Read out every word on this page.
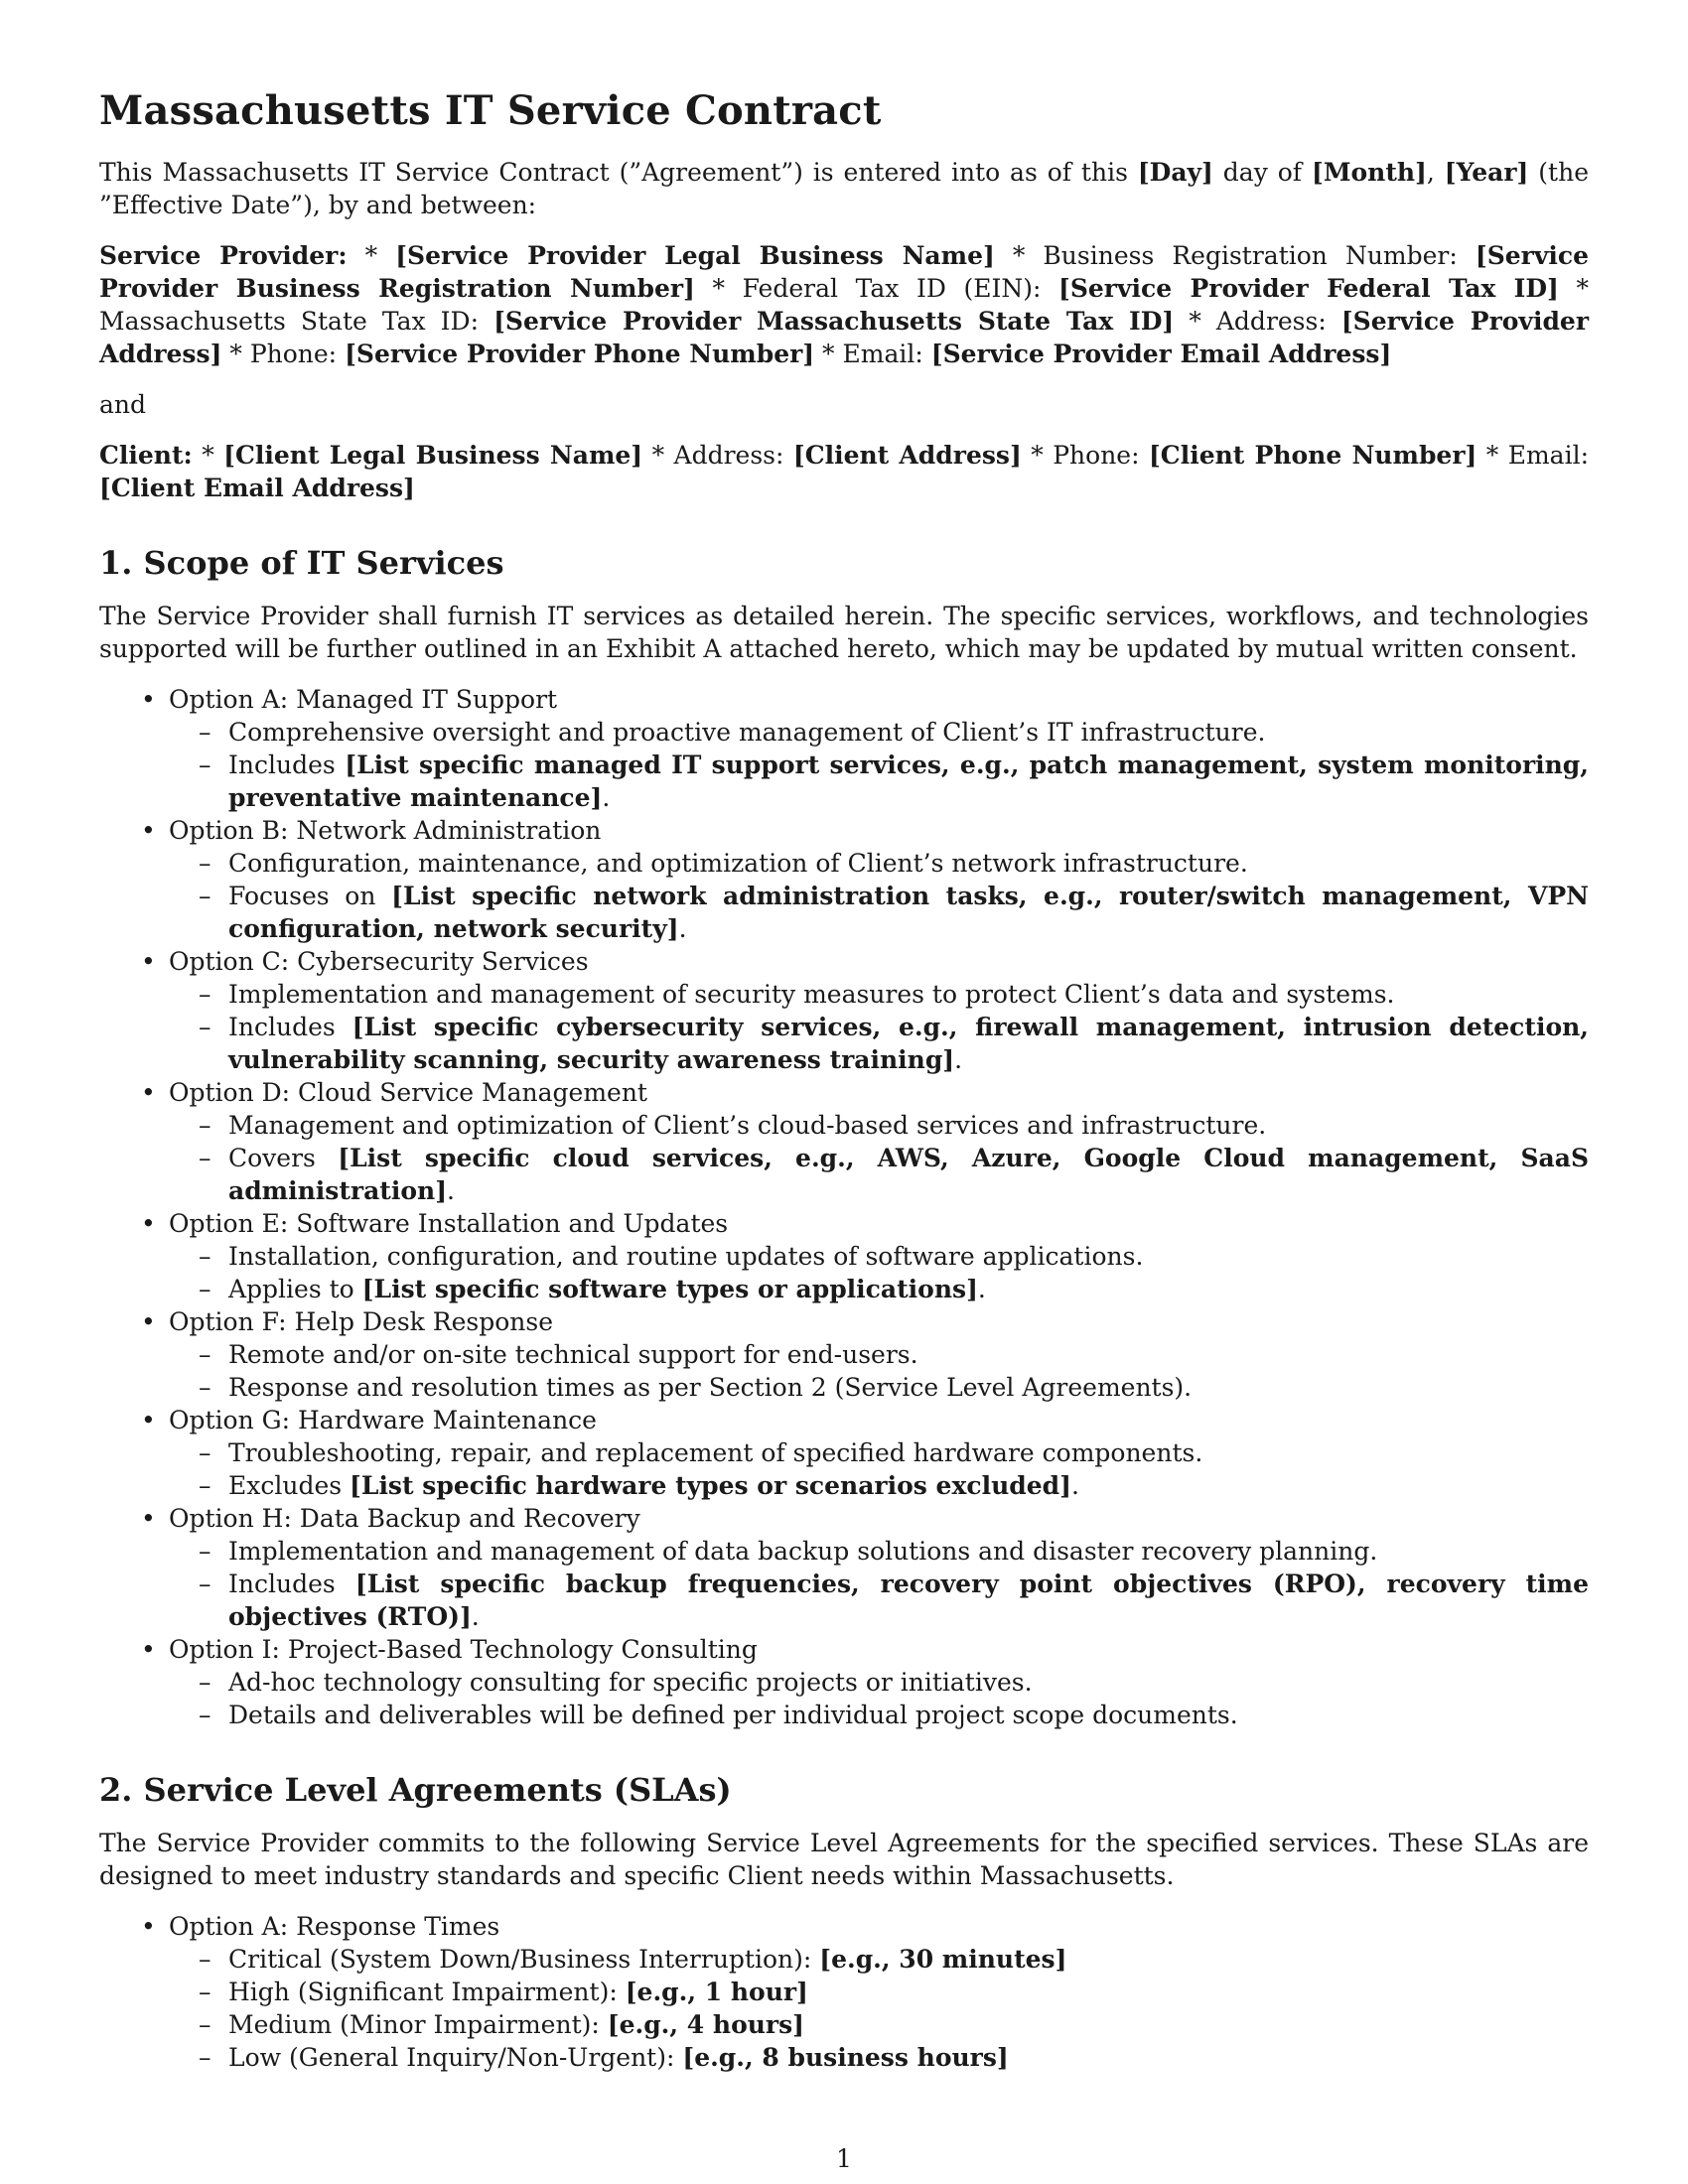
Massachusetts IT Service Contract

This Massachusetts IT Service Contract (”Agreement”) is entered into as of this [Day] day of [Month], [Year] (the ”Effective Date”), by and between:

Service Provider: * [Service Provider Legal Business Name] * Business Registration Number: [Service Provider Business Registration Number] * Federal Tax ID (EIN): [Service Provider Federal Tax ID] * Massachusetts State Tax ID: [Service Provider Massachusetts State Tax ID] * Address: [Service Provider Address] * Phone: [Service Provider Phone Number] * Email: [Service Provider Email Address]

and

Client: * [Client Legal Business Name] * Address: [Client Address] * Phone: [Client Phone Number] * Email: [Client Email Address]

1. Scope of IT Services

The Service Provider shall furnish IT services as detailed herein. The specific services, workflows, and technologies supported will be further outlined in an Exhibit A attached hereto, which may be updated by mutual written consent.

• Option A: Managed IT Support
– Comprehensive oversight and proactive management of Client’s IT infrastructure.
– Includes [List specific managed IT support services, e.g., patch management, system monitoring, preventative maintenance].
• Option B: Network Administration
– Configuration, maintenance, and optimization of Client’s network infrastructure.
– Focuses on [List specific network administration tasks, e.g., router/switch management, VPN configuration, network security].
• Option C: Cybersecurity Services
– Implementation and management of security measures to protect Client’s data and systems.
– Includes [List specific cybersecurity services, e.g., firewall management, intrusion detection, vulnerability scanning, security awareness training].
• Option D: Cloud Service Management
– Management and optimization of Client’s cloud-based services and infrastructure.
– Covers [List specific cloud services, e.g., AWS, Azure, Google Cloud management, SaaS administration].
• Option E: Software Installation and Updates
– Installation, configuration, and routine updates of software applications.
– Applies to [List specific software types or applications].
• Option F: Help Desk Response
– Remote and/or on-site technical support for end-users.
– Response and resolution times as per Section 2 (Service Level Agreements).
• Option G: Hardware Maintenance
– Troubleshooting, repair, and replacement of specified hardware components.
– Excludes [List specific hardware types or scenarios excluded].
• Option H: Data Backup and Recovery
– Implementation and management of data backup solutions and disaster recovery planning.
– Includes [List specific backup frequencies, recovery point objectives (RPO), recovery time objectives (RTO)].
• Option I: Project-Based Technology Consulting
– Ad-hoc technology consulting for specific projects or initiatives.
– Details and deliverables will be defined per individual project scope documents.
2. Service Level Agreements (SLAs)

The Service Provider commits to the following Service Level Agreements for the specified services. These SLAs are designed to meet industry standards and specific Client needs within Massachusetts.

• Option A: Response Times
– Critical (System Down/Business Interruption): [e.g., 30 minutes]
– High (Significant Impairment): [e.g., 1 hour]
– Medium (Minor Impairment): [e.g., 4 hours]
– Low (General Inquiry/Non-Urgent): [e.g., 8 business hours]
1
